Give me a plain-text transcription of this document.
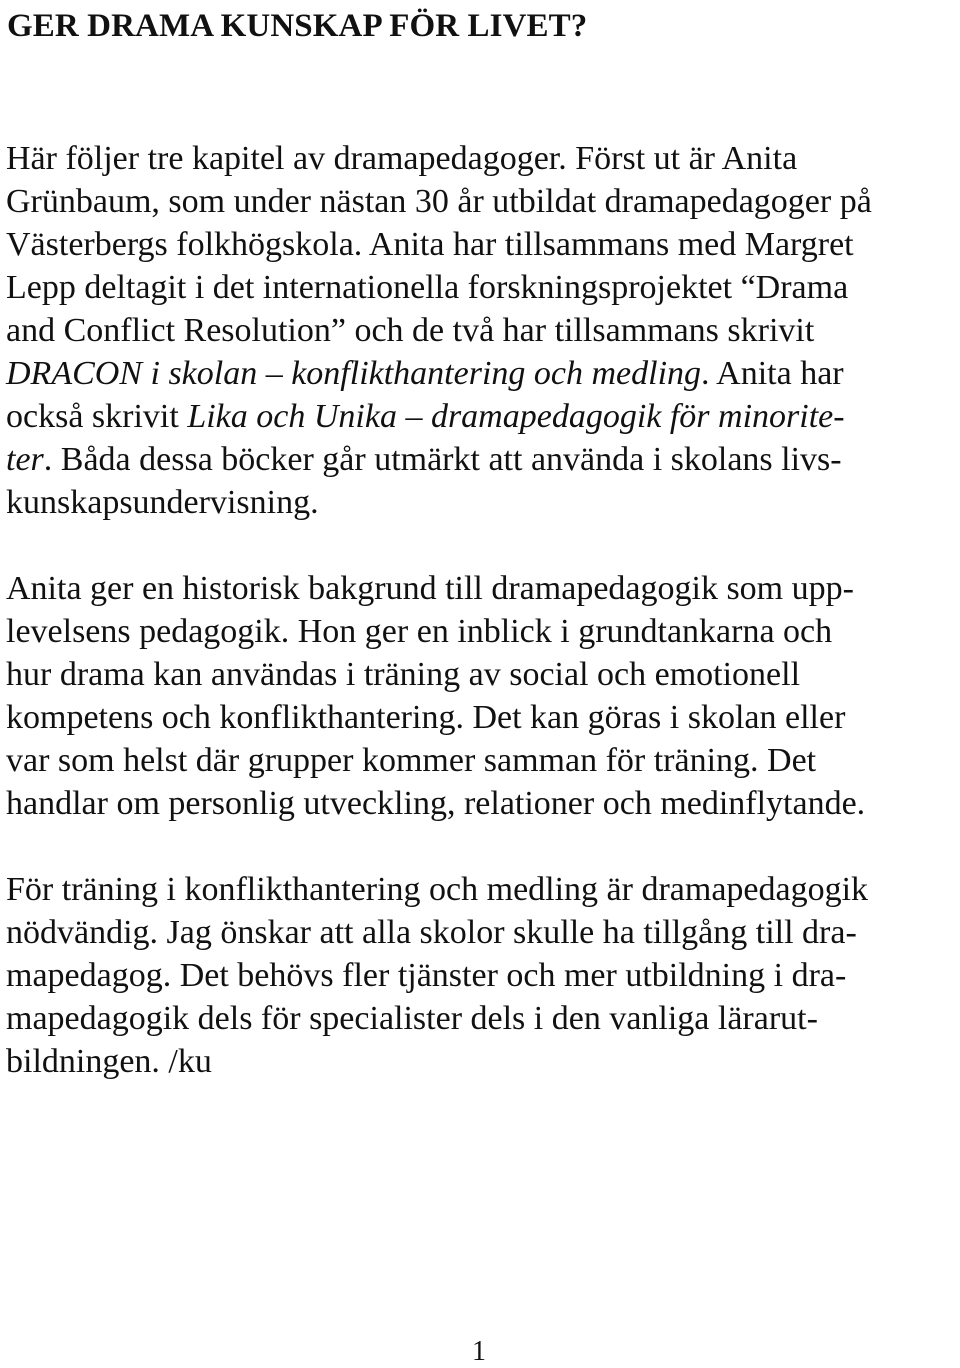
GER DRAMA KUNSKAP FÖR LIVET?

Här följer tre kapitel av dramapedagoger. Först ut är Anita

Grünbaum, som under nästan 30 år utbildat dramapedagoger på

Västerbergs folkhögskola. Anita har tillsammans med Margret

Lepp deltagit i det internationella forskningsprojektet “Drama

and Conflict Resolution” och de två har tillsammans skrivit

DRACON i skolan – konflikthantering och medling. Anita har

också skrivit Lika och Unika – dramapedagogik för minorite-

ter. Båda dessa böcker går utmärkt att använda i skolans livs-

kunskapsundervisning.

Anita ger en historisk bakgrund till dramapedagogik som upp-

levelsens pedagogik. Hon ger en inblick i grundtankarna och

hur drama kan användas i träning av social och emotionell

kompetens och konflikthantering. Det kan göras i skolan eller

var som helst där grupper kommer samman för träning. Det

handlar om personlig utveckling, relationer och medinflytande.

För träning i konflikthantering och medling är dramapedagogik

nödvändig. Jag önskar att alla skolor skulle ha tillgång till dra-

mapedagog. Det behövs fler tjänster och mer utbildning i dra-

mapedagogik dels för specialister dels i den vanliga lärarut-

bildningen. /ku

1
